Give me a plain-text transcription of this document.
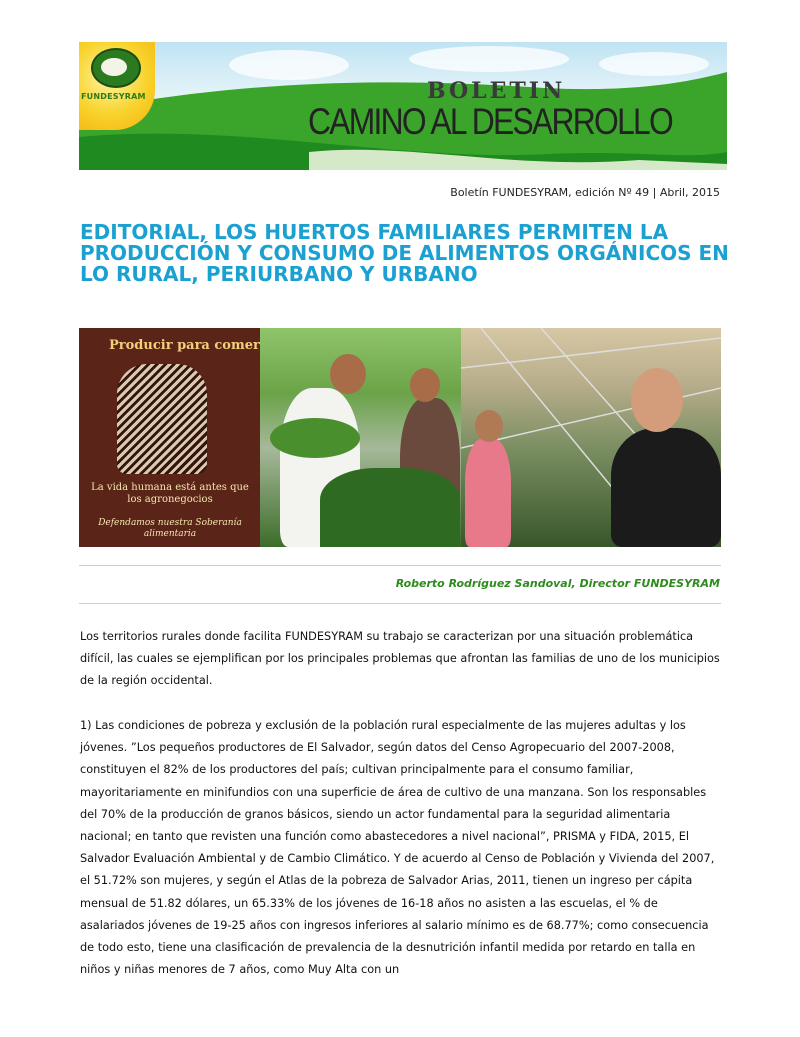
FUNDESYRAM	BOLETIN
CAMINO AL DESARROLLO
Boletín FUNDESYRAM, edición Nº 49 | Abril, 2015
EDITORIAL, LOS HUERTOS FAMILIARES PERMITEN LA PRODUCCIÓN Y CONSUMO DE ALIMENTOS ORGÁNICOS EN LO RURAL, PERIURBANO Y URBANO
Producir para comer
La vida humana está antes que los agronegocios
Defendamos nuestra Soberanía alimentaria
Roberto Rodríguez Sandoval, Director FUNDESYRAM

Los territorios rurales donde facilita FUNDESYRAM su trabajo se caracterizan por una situación problemática difícil, las cuales se ejemplifican por los principales problemas que afrontan las familias de uno de los municipios de la región occidental.

1) Las condiciones de pobreza y exclusión de la población rural especialmente de las mujeres adultas y los jóvenes. ”Los pequeños productores de El Salvador, según datos del Censo Agropecuario del 2007-2008, constituyen el 82% de los productores del país; cultivan principalmente para el consumo familiar, mayoritariamente en minifundios con una superficie de área de cultivo de una manzana. Son los responsables del 70% de la producción de granos básicos, siendo un actor fundamental para la seguridad alimentaria nacional; en tanto que revisten una función como abastecedores a nivel nacional”, PRISMA y FIDA, 2015, El Salvador Evaluación Ambiental y de Cambio Climático. Y de acuerdo al Censo de Población y Vivienda del 2007, el 51.72% son mujeres, y según el Atlas de la pobreza de Salvador Arias, 2011, tienen un ingreso per cápita mensual de 51.82 dólares, un 65.33% de los jóvenes de 16-18 años no asisten a las escuelas, el % de asalariados jóvenes de 19-25 años con ingresos inferiores al salario mínimo es de 68.77%; como consecuencia de todo esto, tiene una clasificación de prevalencia de la desnutrición infantil medida por retardo en talla en niños y niñas menores de 7 años, como Muy Alta con un
